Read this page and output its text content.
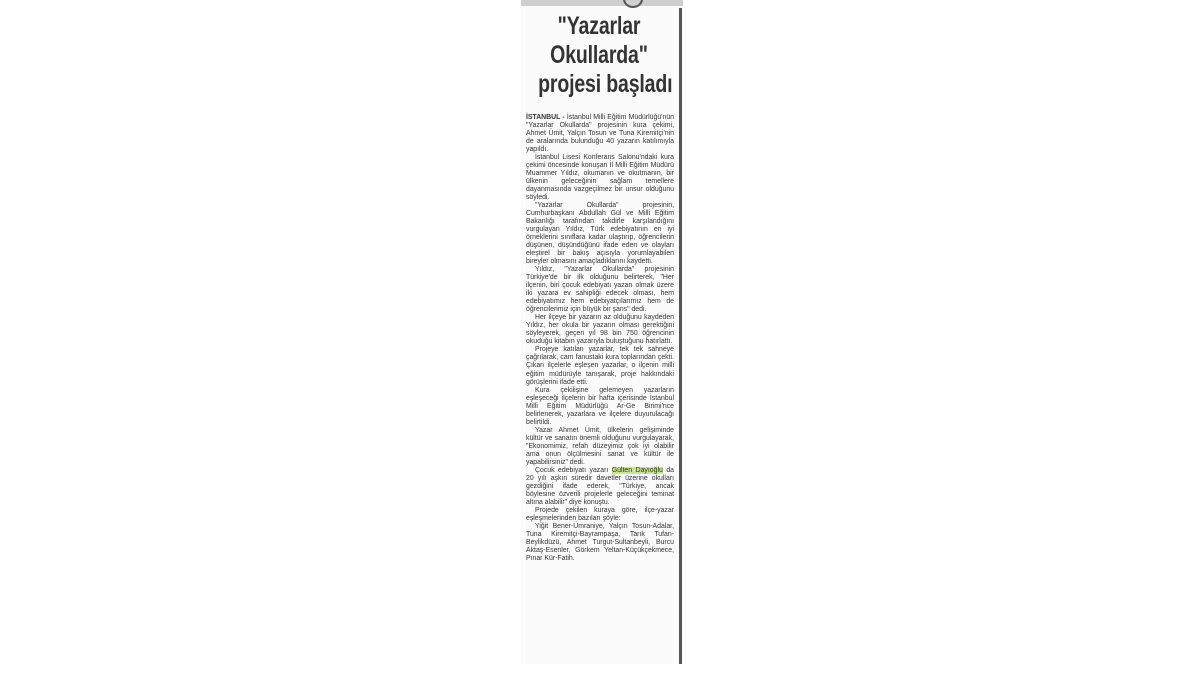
"Yazarlar
Okullarda"
projesi başladı

İSTANBUL - İstanbul Milli Eğitim Müdürlüğü'nün "Yazarlar Okullarda" projesinin kura çekimi, Ahmet Ümit, Yalçın Tosun ve Tuna Kiremitçi'nin de aralarında bulunduğu 40 yazarın katılımıyla yapıldı.

İstanbul Lisesi Konferans Salonu'ndaki kura çekimi öncesinde konuşan İl Milli Eğitim Müdürü Muammer Yıldız, okumanın ve okutmanın, bir ülkenin geleceğinin sağlam temellere dayanmasında vazgeçilmez bir unsur olduğunu söyledi.

"Yazarlar Okullarda" projesinin, Cumhurbaşkanı Abdullah Gül ve Milli Eğitim Bakanlığı tarafından takdirle karşılandığını vurgulayan Yıldız, Türk edebiyatının en iyi örneklerini sınıflara kadar ulaştırıp, öğrencilerin düşünen, düşündüğünü ifade eden ve olayları eleştirel bir bakış açısıyla yorumlayabilen bireyler olmasını amaçladıklarını kaydetti.

Yıldız, "Yazarlar Okullarda" projesinin Türkiye'de bir ilk olduğunu belirterek, "Her ilçenin, biri çocuk edebiyatı yazarı olmak üzere iki yazara ev sahipliği edecek olması, hem edebiyatımız hem edebiyatçılarımız hem de öğrencilerimiz için büyük bir şans" dedi.

Her ilçeye bir yazarın az olduğunu kaydeden Yıldız, her okula bir yazarın olması gerektiğini söyleyerek, geçen yıl 98 bin 750 öğrencinin okuduğu kitabın yazarıyla buluştuğunu hatırlattı.

Projeye katılan yazarlar, tek tek sahneye çağrılarak, cam fanustaki kura toplarından çekti. Çıkan ilçelerle eşleşen yazarlar, o ilçenin milli eğitim müdürüyle tanışarak, proje hakkındaki görüşlerini ifade etti.

Kura çekilişine gelemeyen yazarların eşleşeceği ilçelerin bir hafta içerisinde İstanbul Milli Eğitim Müdürlüğü Ar-Ge Birimi'nce belirlenerek, yazarlara ve ilçelere duyurulacağı belirtildi.

Yazar Ahmet Ümit, ülkelerin gelişiminde kültür ve sanatın önemli olduğunu vurgulayarak, "Ekonomimiz, refah düzeyimiz çok iyi olabilir ama onun ölçülmesini sanat ve kültür ile yapabilirsiniz" dedi.

Çocuk edebiyatı yazarı Gülten Dayıoğlu da 20 yılı aşkın süredir davetler üzerine okulları gezdiğini ifade ederek, "Türkiye, ancak böylesine özverili projelerle geleceğini teminat altına alabilir" diye konuştu.

Projede çekilen kuraya göre, ilçe-yazar eşleşmelerinden bazıları şöyle:

Yiğit Bener-Ümraniye, Yalçın Tosun-Adalar, Tuna Kiremitçi-Bayrampaşa, Tarık Tufan-Beylikdüzü, Ahmet Turgut-Sultanbeyli, Burcu Aktaş-Esenler, Görkem Yeltan-Küçükçekmece, Pınar Kür-Fatih.
